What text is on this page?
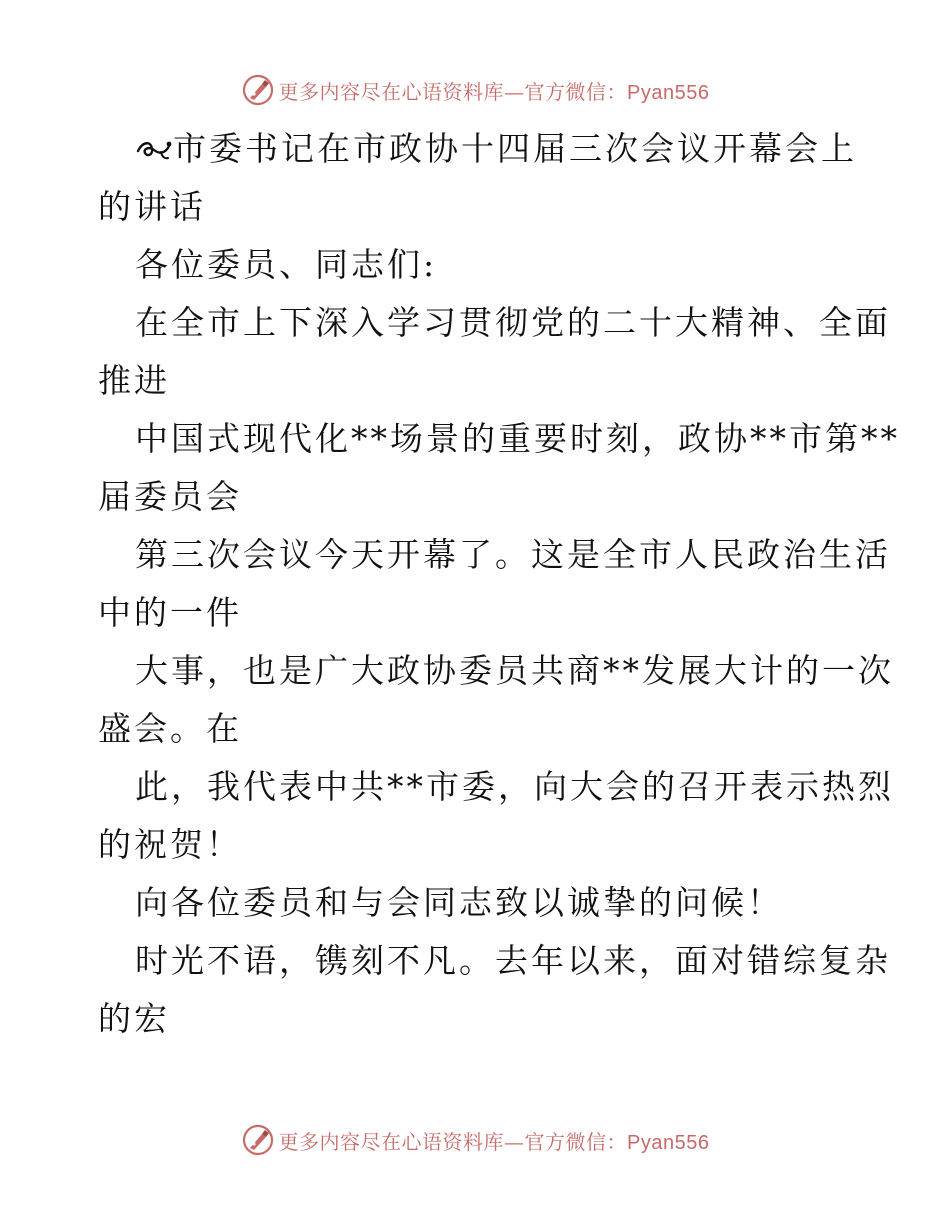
更多内容尽在心语资料库—官方微信：Pyan556
市委书记在市政协十四届三次会议开幕会上
的讲话
各位委员、同志们:
在全市上下深入学习贯彻党的二十大精神、全面
推进
中国式现代化**场景的重要时刻，政协**市第**
届委员会
第三次会议今天开幕了。这是全市人民政治生活
中的一件
大事，也是广大政协委员共商**发展大计的一次
盛会。在
此，我代表中共**市委，向大会的召开表示热烈
的祝贺！
向各位委员和与会同志致以诚挚的问候！
时光不语，镌刻不凡。去年以来，面对错综复杂
的宏
更多内容尽在心语资料库—官方微信：Pyan556
